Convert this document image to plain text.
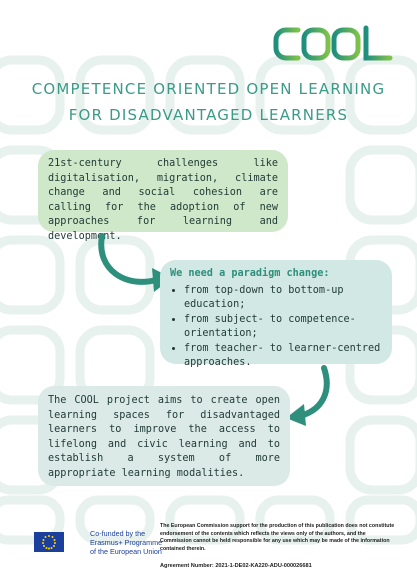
COMPETENCE ORIENTED OPEN LEARNING
FOR DISADVANTAGED LEARNERS
21st-century challenges like digitalisation, migration, climate change and social cohesion are calling for the adoption of new approaches for learning and development.
We need a paradigm change:
• from top-down to bottom-up education;
• from subject- to competence-orientation;
• from teacher- to learner-centred approaches.
The COOL project aims to create open learning spaces for disadvantaged learners to improve the access to lifelong and civic learning and to establish a system of more appropriate learning modalities.
Co-funded by the
Erasmus+ Programme
of the European Union
The European Commission support for the production of this publication does not constitute endorsement of the contents which reflects the views only of the authors, and the Commission cannot be held responsible for any use which may be made of the information contained therein.
Agreement Number: 2021-1-DE02-KA220-ADU-000026681
